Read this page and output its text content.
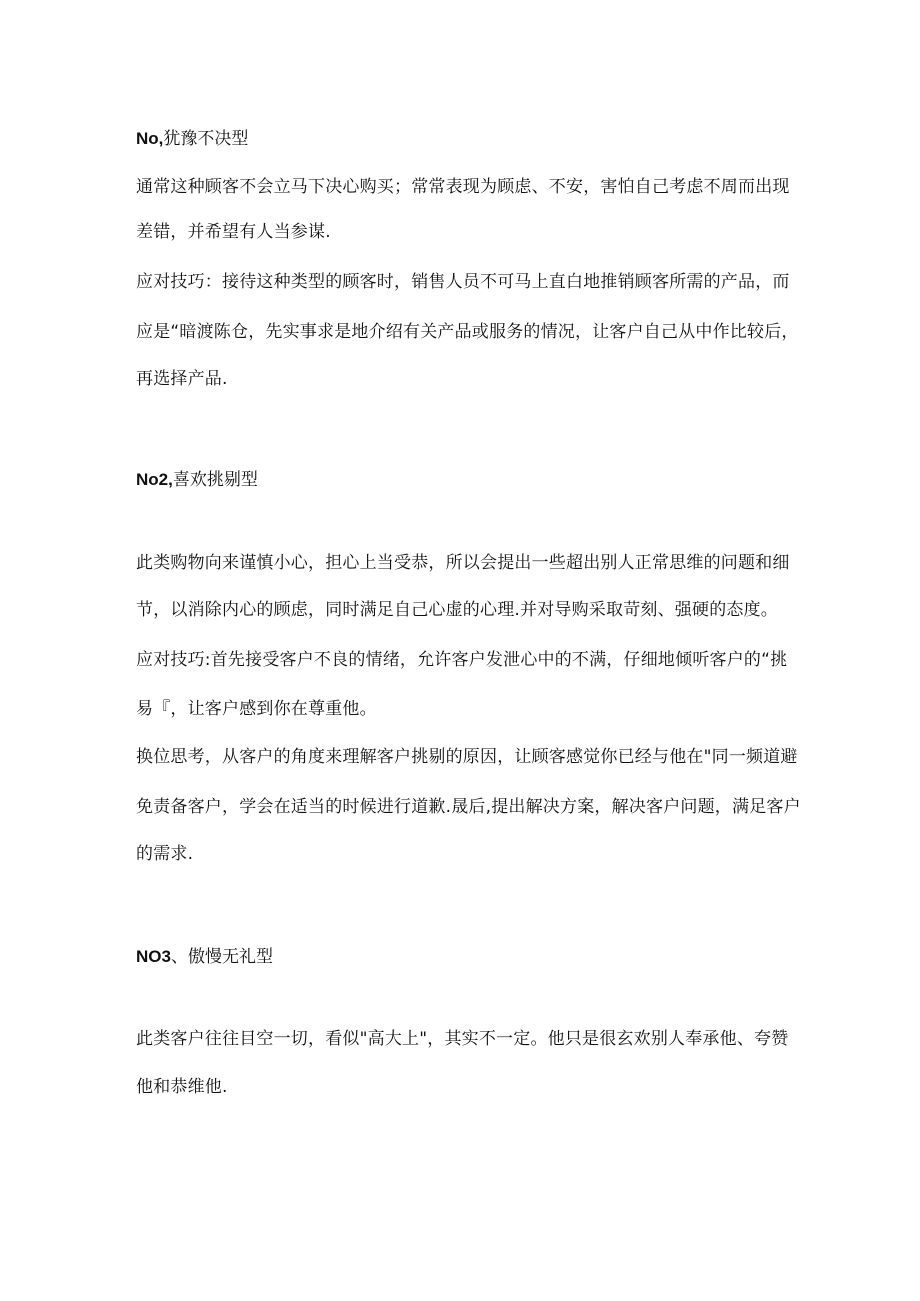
No,犹豫不决型

通常这种顾客不会立马下决心购买；常常表现为顾虑、不安，害怕自己考虑不周而出现

差错，并希望有人当参谋.

应对技巧：接待这种类型的顾客时，销售人员不可马上直白地推销顾客所需的产品，而

应是“暗渡陈仓，先实事求是地介绍有关产品或服务的情况，让客户自己从中作比较后，

再选择产品.

No2,喜欢挑剔型

此类购物向来谨慎小心，担心上当受恭，所以会提出一些超出别人正常思维的问题和细

节，以消除内心的顾虑，同时满足自己心虚的心理.并对导购采取苛刻、强硬的态度。

应对技巧:首先接受客户不良的情绪，允许客户发泄心中的不满，仔细地倾听客户的“挑

易『，让客户感到你在尊重他。

换位思考，从客户的角度来理解客户挑剔的原因，让顾客感觉你已经与他在"同一频道避

免责备客户，学会在适当的时候进行道歉.晟后,提出解决方案，解决客户问题，满足客户

的需求.

NO3、傲慢无礼型

此类客户往往目空一切，看似"高大上"，其实不一定。他只是很玄欢别人奉承他、夸赞

他和恭维他.
